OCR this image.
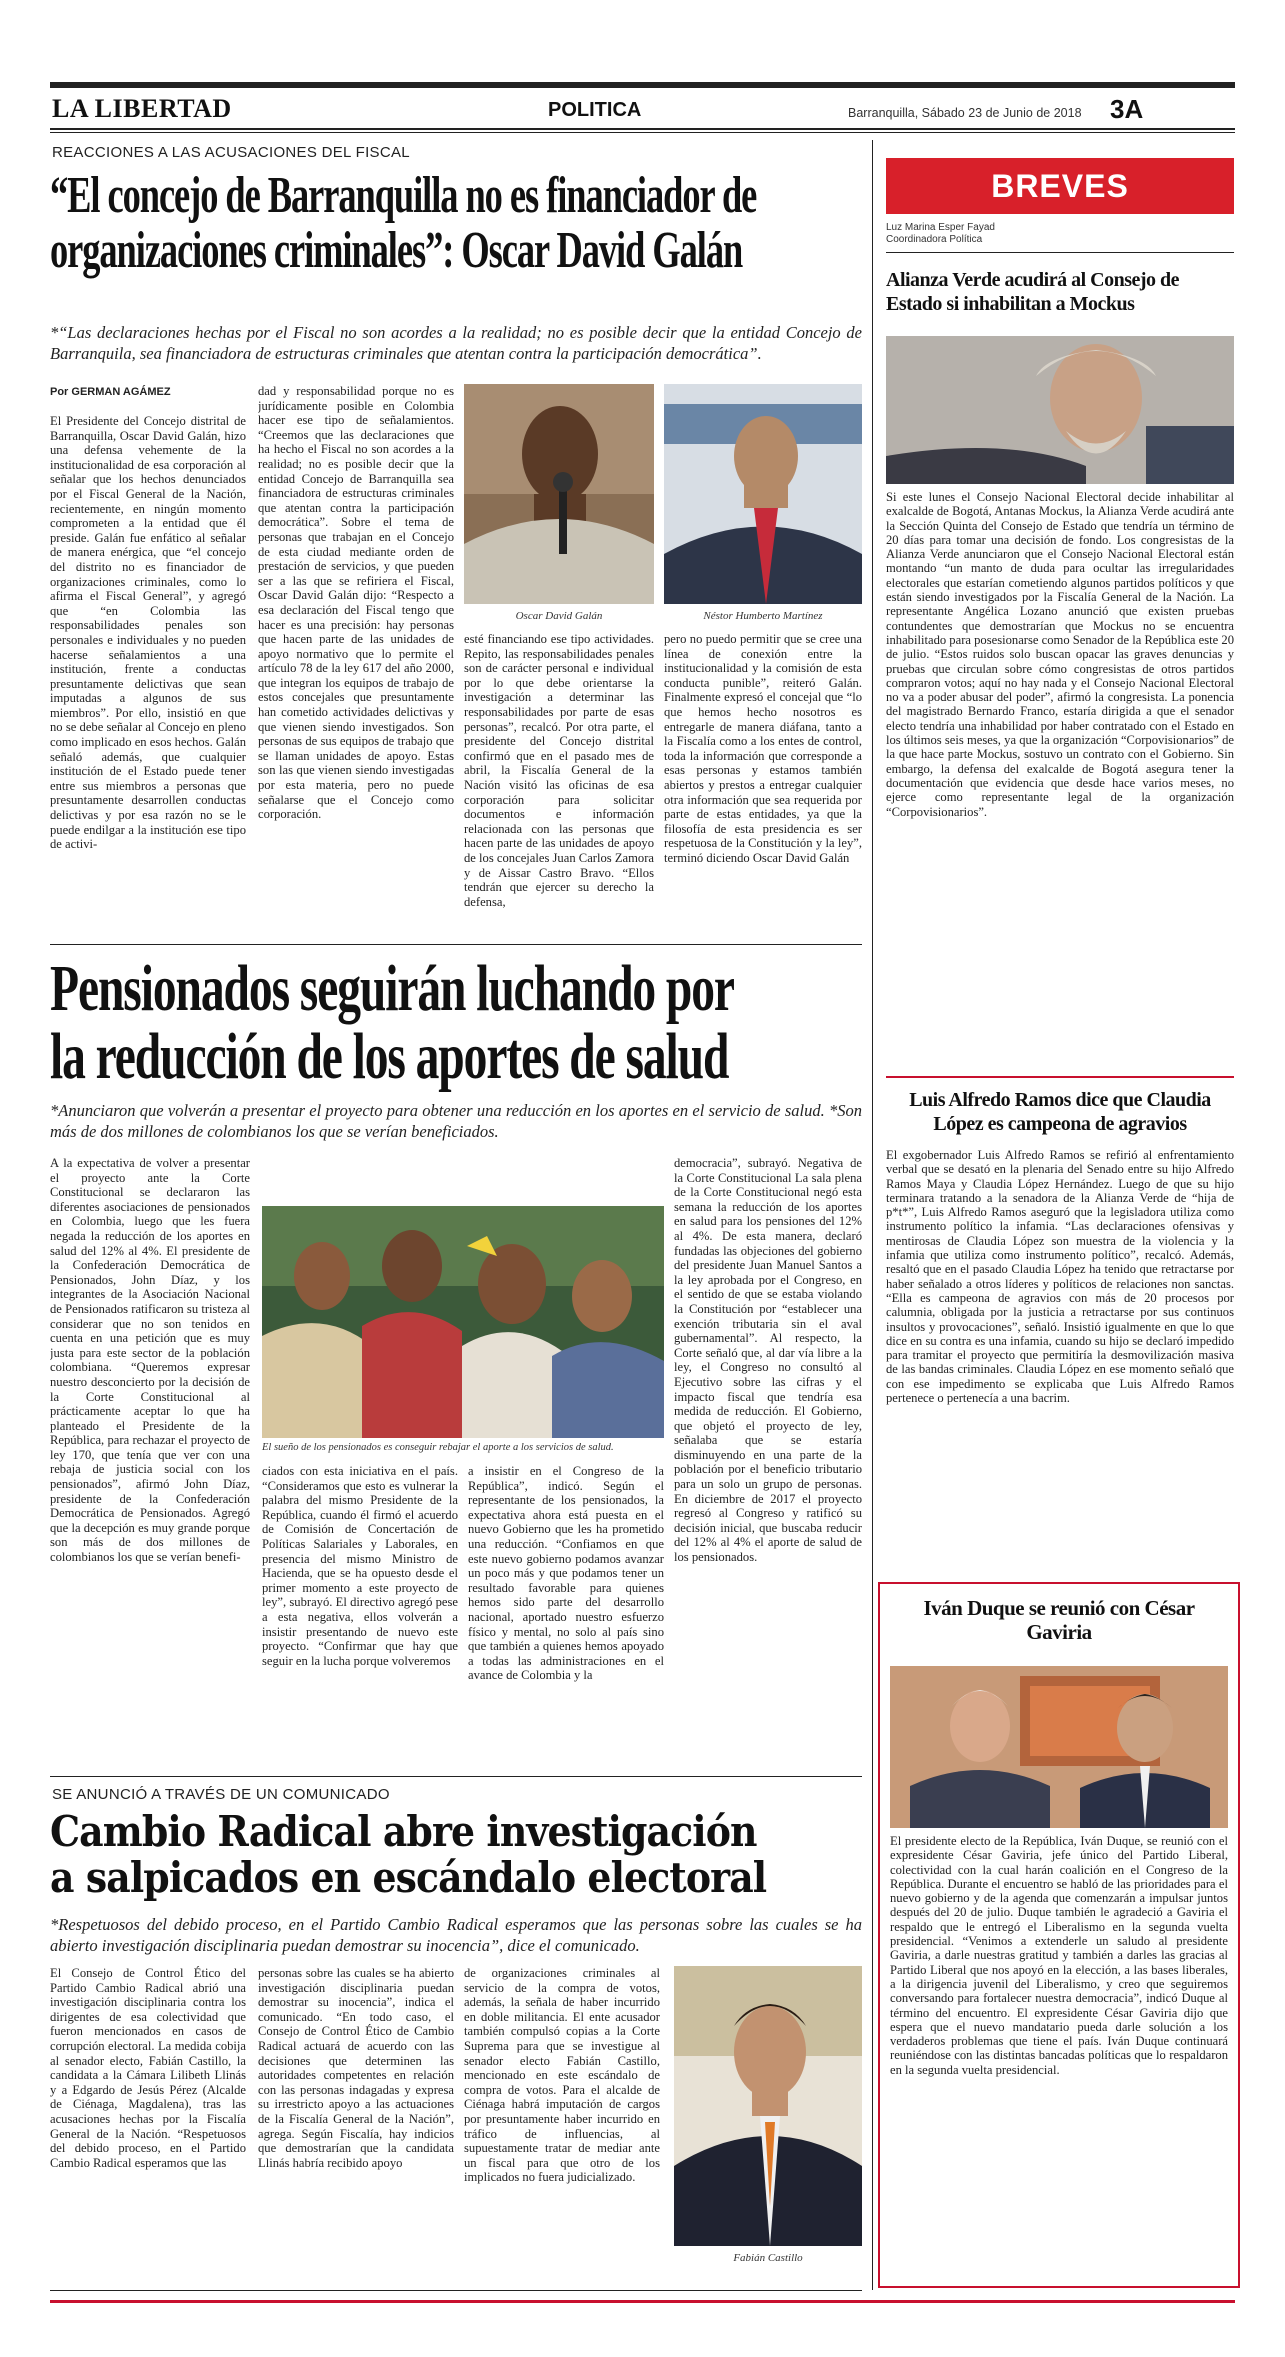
LA LIBERTAD	POLITICA	Barranquilla, Sábado 23 de Junio de 2018 3A
REACCIONES A LAS ACUSACIONES DEL FISCAL
“El concejo de Barranquilla no es financiador de
organizaciones criminales”: Oscar David Galán
*“Las declaraciones hechas por el Fiscal no son acordes a la realidad; no es posible decir que la entidad Concejo de Barranquila, sea financiadora de estructuras criminales que atentan contra la participación democrática”.
Por GERMAN AGÁMEZ
El Presidente del Concejo distrital de Barranquilla, Oscar David Galán, hizo una defensa vehemente de la institucionalidad de esa corporación al señalar que los hechos denunciados por el Fiscal General de la Nación, recientemente, en ningún momento comprometen a la entidad que él preside. Galán fue enfático al señalar de manera enérgica, que “el concejo del distrito no es financiador de organizaciones criminales, como lo afirma el Fiscal General”, y agregó que “en Colombia las responsabilidades penales son personales e individuales y no pueden hacerse señalamientos a una institución, frente a conductas presuntamente delictivas que sean imputadas a algunos de sus miembros”. Por ello, insistió en que no se debe señalar al Concejo en pleno como implicado en esos hechos. Galán señaló además, que cualquier institución de el Estado puede tener entre sus miembros a personas que presuntamente desarrollen conductas delictivas y por esa razón no se le puede endilgar a la institución ese tipo de activi-
dad y responsabilidad porque no es jurídicamente posible en Colombia hacer ese tipo de señalamientos. “Creemos que las declaraciones que ha hecho el Fiscal no son acordes a la realidad; no es posible decir que la entidad Concejo de Barranquilla sea financiadora de estructuras criminales que atentan contra la participación democrática”. Sobre el tema de personas que trabajan en el Concejo de esta ciudad mediante orden de prestación de servicios, y que pueden ser a las que se refiriera el Fiscal, Oscar David Galán dijo: “Respecto a esa declaración del Fiscal tengo que hacer es una precisión: hay personas que hacen parte de las unidades de apoyo normativo que lo permite el artículo 78 de la ley 617 del año 2000, que integran los equipos de trabajo de estos concejales que presuntamente han cometido actividades delictivas y que vienen siendo investigados. Son personas de sus equipos de trabajo que se llaman unidades de apoyo. Estas son las que vienen siendo investigadas por esta materia, pero no puede señalarse que el Concejo como corporación.
Oscar David Galán	Néstor Humberto Martínez
esté financiando ese tipo actividades. Repito, las responsabilidades penales son de carácter personal e individual por lo que debe orientarse la investigación a determinar las responsabilidades por parte de esas personas”, recalcó. Por otra parte, el presidente del Concejo distrital confirmó que en el pasado mes de abril, la Fiscalía General de la Nación visitó las oficinas de esa corporación para solicitar documentos e información relacionada con las personas que hacen parte de las unidades de apoyo de los concejales Juan Carlos Zamora y de Aissar Castro Bravo. “Ellos tendrán que ejercer su derecho la defensa,
pero no puedo permitir que se cree una línea de conexión entre la institucionalidad y la comisión de esta conducta punible”, reiteró Galán. Finalmente expresó el concejal que “lo que hemos hecho nosotros es entregarle de manera diáfana, tanto a la Fiscalía como a los entes de control, toda la información que corresponde a esas personas y estamos también abiertos y prestos a entregar cualquier otra información que sea requerida por parte de estas entidades, ya que la filosofía de esta presidencia es ser respetuosa de la Constitución y la ley”, terminó diciendo Oscar David Galán
Pensionados seguirán luchando por
la reducción de los aportes de salud
*Anunciaron que volverán a presentar el proyecto para obtener una reducción en los aportes en el servicio de salud. *Son más de dos millones de colombianos los que se verían beneficiados.
A la expectativa de volver a presentar el proyecto ante la Corte Constitucional se declararon las diferentes asociaciones de pensionados en Colombia, luego que les fuera negada la reducción de los aportes en salud del 12% al 4%. El presidente de la Confederación Democrática de Pensionados, John Díaz, y los integrantes de la Asociación Nacional de Pensionados ratificaron su tristeza al considerar que no son tenidos en cuenta en una petición que es muy justa para este sector de la población colombiana. “Queremos expresar nuestro desconcierto por la decisión de la Corte Constitucional al prácticamente aceptar lo que ha planteado el Presidente de la República, para rechazar el proyecto de ley 170, que tenía que ver con una rebaja de justicia social con los pensionados”, afirmó John Díaz, presidente de la Confederación Democrática de Pensionados. Agregó que la decepción es muy grande porque son más de dos millones de colombianos los que se verían benefi-
El sueño de los pensionados es conseguir rebajar el aporte a los servicios de salud.
ciados con esta iniciativa en el país. “Consideramos que esto es vulnerar la palabra del mismo Presidente de la República, cuando él firmó el acuerdo de Comisión de Concertación de Políticas Salariales y Laborales, en presencia del mismo Ministro de Hacienda, que se ha opuesto desde el primer momento a este proyecto de ley”, subrayó. El directivo agregó pese a esta negativa, ellos volverán a insistir presentando de nuevo este proyecto. “Confirmar que hay que seguir en la lucha porque volveremos
a insistir en el Congreso de la República”, indicó. Según el representante de los pensionados, la expectativa ahora está puesta en el nuevo Gobierno que les ha prometido una reducción. “Confiamos en que este nuevo gobierno podamos avanzar un poco más y que podamos tener un resultado favorable para quienes hemos sido parte del desarrollo nacional, aportado nuestro esfuerzo físico y mental, no solo al país sino que también a quienes hemos apoyado a todas las administraciones en el avance de Colombia y la
democracia”, subrayó. Negativa de la Corte Constitucional La sala plena de la Corte Constitucional negó esta semana la reducción de los aportes en salud para los pensiones del 12% al 4%. De esta manera, declaró fundadas las objeciones del gobierno del presidente Juan Manuel Santos a la ley aprobada por el Congreso, en el sentido de que se estaba violando la Constitución por “establecer una exención tributaria sin el aval gubernamental”. Al respecto, la Corte señaló que, al dar vía libre a la ley, el Congreso no consultó al Ejecutivo sobre las cifras y el impacto fiscal que tendría esa medida de reducción. El Gobierno, que objetó el proyecto de ley, señalaba que se estaría disminuyendo en una parte de la población por el beneficio tributario para un solo un grupo de personas. En diciembre de 2017 el proyecto regresó al Congreso y ratificó su decisión inicial, que buscaba reducir del 12% al 4% el aporte de salud de los pensionados.
SE ANUNCIÓ A TRAVÉS DE UN COMUNICADO
Cambio Radical abre investigación
a salpicados en escándalo electoral
*Respetuosos del debido proceso, en el Partido Cambio Radical esperamos que las personas sobre las cuales se ha abierto investigación disciplinaria puedan demostrar su inocencia”, dice el comunicado.
El Consejo de Control Ético del Partido Cambio Radical abrió una investigación disciplinaria contra los dirigentes de esa colectividad que fueron mencionados en casos de corrupción electoral. La medida cobija al senador electo, Fabián Castillo, la candidata a la Cámara Lilibeth Llinás y a Edgardo de Jesús Pérez (Alcalde de Ciénaga, Magdalena), tras las acusaciones hechas por la Fiscalía General de la Nación. “Respetuosos del debido proceso, en el Partido Cambio Radical esperamos que las
personas sobre las cuales se ha abierto investigación disciplinaria puedan demostrar su inocencia”, indica el comunicado. “En todo caso, el Consejo de Control Ético de Cambio Radical actuará de acuerdo con las decisiones que determinen las autoridades competentes en relación con las personas indagadas y expresa su irrestricto apoyo a las actuaciones de la Fiscalía General de la Nación”, agrega. Según Fiscalía, hay indicios que demostrarían que la candidata Llinás habría recibido apoyo
de organizaciones criminales al servicio de la compra de votos, además, la señala de haber incurrido en doble militancia. El ente acusador también compulsó copias a la Corte Suprema para que se investigue al senador electo Fabián Castillo, mencionado en este escándalo de compra de votos. Para el alcalde de Ciénaga habrá imputación de cargos por presuntamente haber incurrido en tráfico de influencias, al supuestamente tratar de mediar ante un fiscal para que otro de los implicados no fuera judicializado.
Fabián Castillo
BREVES
Luz Marina Esper Fayad
Coordinadora Política
Alianza Verde acudirá al Consejo de Estado si inhabilitan a Mockus
Si este lunes el Consejo Nacional Electoral decide inhabilitar al exalcalde de Bogotá, Antanas Mockus, la Alianza Verde acudirá ante la Sección Quinta del Consejo de Estado que tendría un término de 20 días para tomar una decisión de fondo. Los congresistas de la Alianza Verde anunciaron que el Consejo Nacional Electoral están montando “un manto de duda para ocultar las irregularidades electorales que estarían cometiendo algunos partidos políticos y que están siendo investigados por la Fiscalía General de la Nación. La representante Angélica Lozano anunció que existen pruebas contundentes que demostrarían que Mockus no se encuentra inhabilitado para posesionarse como Senador de la República este 20 de julio. “Estos ruidos solo buscan opacar las graves denuncias y pruebas que circulan sobre cómo congresistas de otros partidos compraron votos; aquí no hay nada y el Consejo Nacional Electoral no va a poder abusar del poder”, afirmó la congresista. La ponencia del magistrado Bernardo Franco, estaría dirigida a que el senador electo tendría una inhabilidad por haber contratado con el Estado en los últimos seis meses, ya que la organización “Corpovisionarios” de la que hace parte Mockus, sostuvo un contrato con el Gobierno. Sin embargo, la defensa del exalcalde de Bogotá asegura tener la documentación que evidencia que desde hace varios meses, no ejerce como representante legal de la organización “Corpovisionarios”.
Luis Alfredo Ramos dice que Claudia López es campeona de agravios
El exgobernador Luis Alfredo Ramos se refirió al enfrentamiento verbal que se desató en la plenaria del Senado entre su hijo Alfredo Ramos Maya y Claudia López Hernández. Luego de que su hijo terminara tratando a la senadora de la Alianza Verde de “hija de p*t*”, Luis Alfredo Ramos aseguró que la legisladora utiliza como instrumento político la infamia. “Las declaraciones ofensivas y mentirosas de Claudia López son muestra de la violencia y la infamia que utiliza como instrumento político”, recalcó. Además, resaltó que en el pasado Claudia López ha tenido que retractarse por haber señalado a otros líderes y políticos de relaciones non sanctas. “Ella es campeona de agravios con más de 20 procesos por calumnia, obligada por la justicia a retractarse por sus continuos insultos y provocaciones”, señaló. Insistió igualmente en que lo que dice en su contra es una infamia, cuando su hijo se declaró impedido para tramitar el proyecto que permitiría la desmovilización masiva de las bandas criminales. Claudia López en ese momento señaló que con ese impedimento se explicaba que Luis Alfredo Ramos pertenece o pertenecía a una bacrim.
Iván Duque se reunió con César Gaviria
El presidente electo de la República, Iván Duque, se reunió con el expresidente César Gaviria, jefe único del Partido Liberal, colectividad con la cual harán coalición en el Congreso de la República. Durante el encuentro se habló de las prioridades para el nuevo gobierno y de la agenda que comenzarán a impulsar juntos después del 20 de julio. Duque también le agradeció a Gaviria el respaldo que le entregó el Liberalismo en la segunda vuelta presidencial. “Venimos a extenderle un saludo al presidente Gaviria, a darle nuestras gratitud y también a darles las gracias al Partido Liberal que nos apoyó en la elección, a las bases liberales, a la dirigencia juvenil del Liberalismo, y creo que seguiremos conversando para fortalecer nuestra democracia”, indicó Duque al término del encuentro. El expresidente César Gaviria dijo que espera que el nuevo mandatario pueda darle solución a los verdaderos problemas que tiene el país. Iván Duque continuará reuniéndose con las distintas bancadas políticas que lo respaldaron en la segunda vuelta presidencial.
